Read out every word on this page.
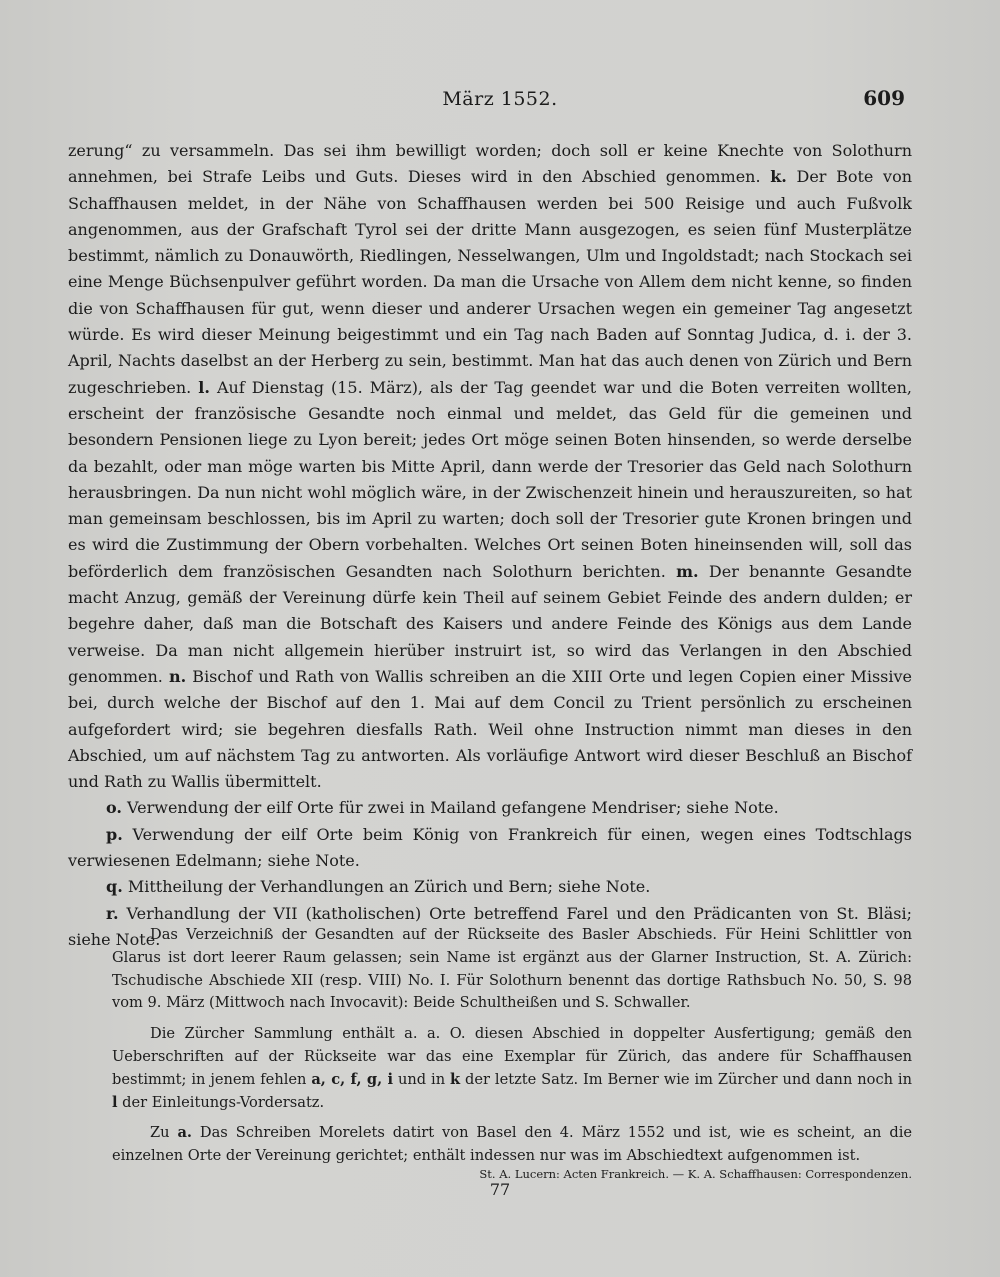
März 1552.	609

zerung“ zu versammeln. Das sei ihm bewilligt worden; doch soll er keine Knechte von Solothurn annehmen, bei Strafe Leibs und Guts. Dieses wird in den Abschied genommen. k. Der Bote von Schaffhausen meldet, in der Nähe von Schaffhausen werden bei 500 Reisige und auch Fußvolk angenommen, aus der Grafschaft Tyrol sei der dritte Mann ausgezogen, es seien fünf Musterplätze bestimmt, nämlich zu Donauwörth, Riedlingen, Nesselwangen, Ulm und Ingoldstadt; nach Stockach sei eine Menge Büchsenpulver geführt worden. Da man die Ursache von Allem dem nicht kenne, so finden die von Schaffhausen für gut, wenn dieser und anderer Ursachen wegen ein gemeiner Tag angesetzt würde. Es wird dieser Meinung beigestimmt und ein Tag nach Baden auf Sonntag Judica, d. i. der 3. April, Nachts daselbst an der Herberg zu sein, bestimmt. Man hat das auch denen von Zürich und Bern zugeschrieben. l. Auf Dienstag (15. März), als der Tag geendet war und die Boten verreiten wollten, erscheint der französische Gesandte noch einmal und meldet, das Geld für die gemeinen und besondern Pensionen liege zu Lyon bereit; jedes Ort möge seinen Boten hinsenden, so werde derselbe da bezahlt, oder man möge warten bis Mitte April, dann werde der Tresorier das Geld nach Solothurn herausbringen. Da nun nicht wohl möglich wäre, in der Zwischenzeit hinein und herauszureiten, so hat man gemeinsam beschlossen, bis im April zu warten; doch soll der Tresorier gute Kronen bringen und es wird die Zustimmung der Obern vorbehalten. Welches Ort seinen Boten hineinsenden will, soll das beförderlich dem französischen Gesandten nach Solothurn berichten. m. Der benannte Gesandte macht Anzug, gemäß der Vereinung dürfe kein Theil auf seinem Gebiet Feinde des andern dulden; er begehre daher, daß man die Botschaft des Kaisers und andere Feinde des Königs aus dem Lande verweise. Da man nicht allgemein hierüber instruirt ist, so wird das Verlangen in den Abschied genommen. n. Bischof und Rath von Wallis schreiben an die XIII Orte und legen Copien einer Missive bei, durch welche der Bischof auf den 1. Mai auf dem Concil zu Trient persönlich zu erscheinen aufgefordert wird; sie begehren diesfalls Rath. Weil ohne Instruction nimmt man dieses in den Abschied, um auf nächstem Tag zu antworten. Als vorläufige Antwort wird dieser Beschluß an Bischof und Rath zu Wallis übermittelt.

o. Verwendung der eilf Orte für zwei in Mailand gefangene Mendriser; siehe Note.

p. Verwendung der eilf Orte beim König von Frankreich für einen, wegen eines Todtschlags verwiesenen Edelmann; siehe Note.

q. Mittheilung der Verhandlungen an Zürich und Bern; siehe Note.

r. Verhandlung der VII (katholischen) Orte betreffend Farel und den Prädicanten von St. Bläsi; siehe Note.

Das Verzeichniß der Gesandten auf der Rückseite des Basler Abschieds. Für Heini Schlittler von Glarus ist dort leerer Raum gelassen; sein Name ist ergänzt aus der Glarner Instruction, St. A. Zürich: Tschudische Abschiede XII (resp. VIII) No. I. Für Solothurn benennt das dortige Rathsbuch No. 50, S. 98 vom 9. März (Mittwoch nach Invocavit): Beide Schultheißen und S. Schwaller.

Die Zürcher Sammlung enthält a. a. O. diesen Abschied in doppelter Ausfertigung; gemäß den Ueberschriften auf der Rückseite war das eine Exemplar für Zürich, das andere für Schaffhausen bestimmt; in jenem fehlen a, c, f, g, i und in k der letzte Satz. Im Berner wie im Zürcher und dann noch in l der Einleitungs-Vordersatz.

Zu a. Das Schreiben Morelets datirt von Basel den 4. März 1552 und ist, wie es scheint, an die einzelnen Orte der Vereinung gerichtet; enthält indessen nur was im Abschiedtext aufgenommen ist.
St. A. Lucern: Acten Frankreich. — K. A. Schaffhausen: Correspondenzen.

77
